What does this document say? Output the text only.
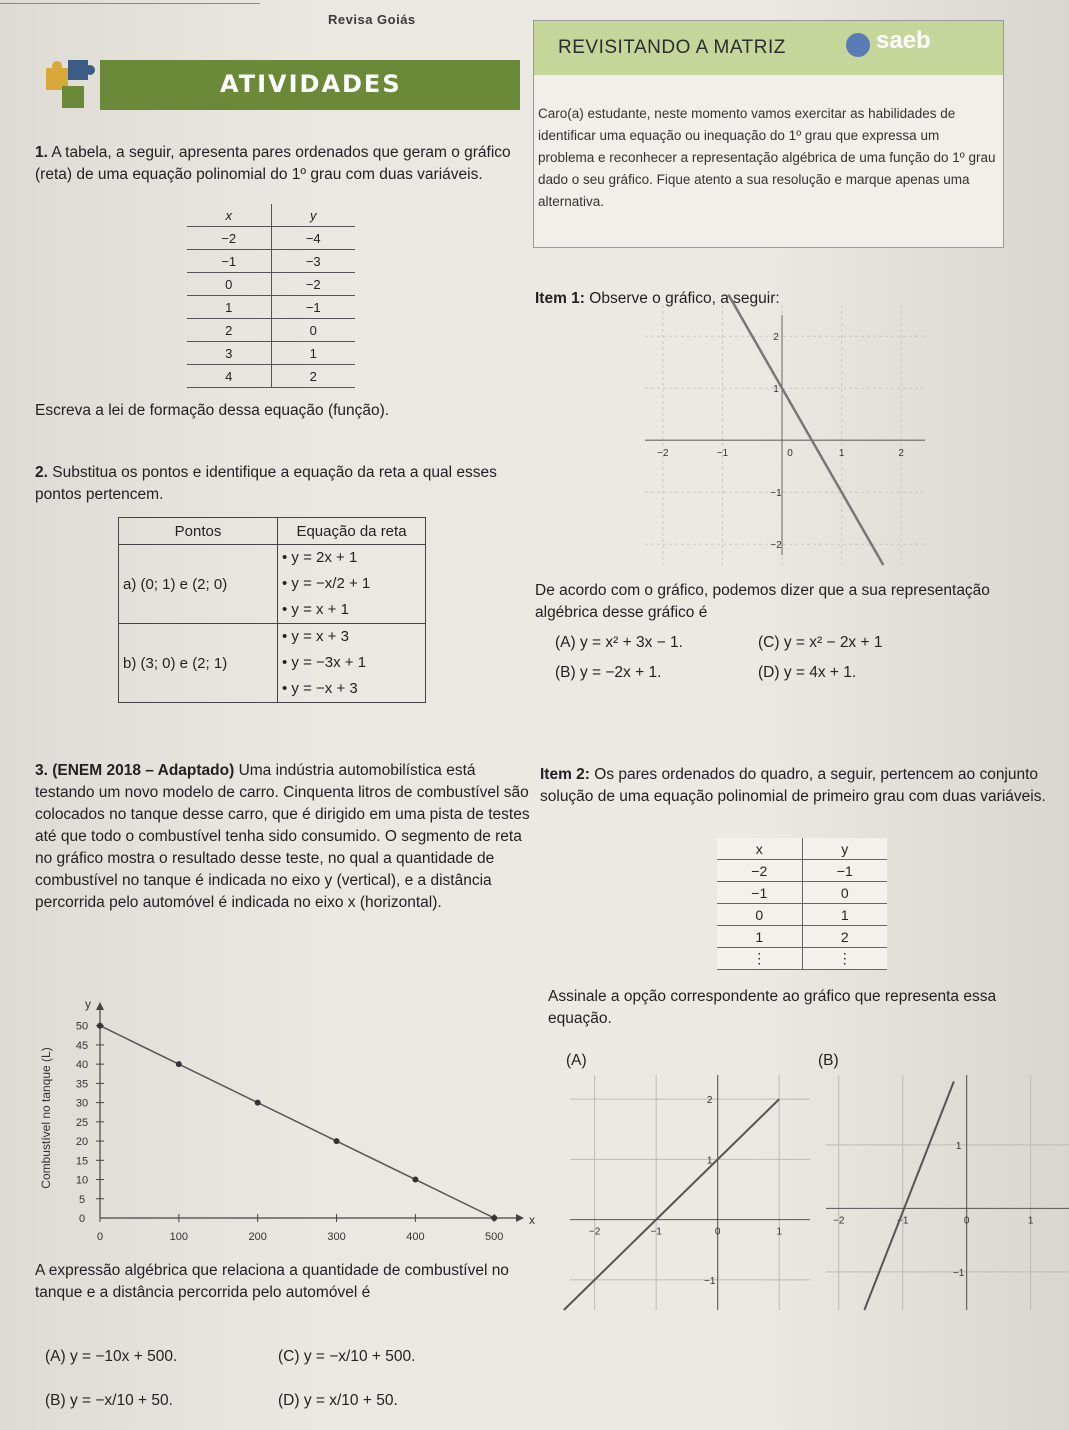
Revisa Goiás
ATIVIDADES
REVISITANDO A MATRIZ	saeb
Caro(a) estudante, neste momento vamos exercitar as habilidades de identificar uma equação ou inequação do 1º grau que expressa um problema e reconhecer a representação algébrica de uma função do 1º grau dado o seu gráfico. Fique atento a sua resolução e marque apenas uma alternativa.
1. A tabela, a seguir, apresenta pares ordenados que geram o gráfico (reta) de uma equação polinomial do 1º grau com duas variáveis.
x	y
−2	−4
−1	−3
0	−2
1	−1
2	0
3	1
4	2
Escreva a lei de formação dessa equação (função).
2. Substitua os pontos e identifique a equação da reta a qual esses pontos pertencem.
Pontos	Equação da reta
a) (0; 1) e (2; 0)	• y = 2x + 1
• y = −x/2 + 1
• y = x + 1

b) (3; 0) e (2; 1)	• y = x + 3
• y = −3x + 1
• y = −x + 3
Item 1: Observe o gráfico, a seguir:
−2	−1	0	1	2
2
1
−1
−2
De acordo com o gráfico, podemos dizer que a sua representação algébrica desse gráfico é
(A) y = x² + 3x − 1.	(C) y = x² − 2x + 1
(B) y = −2x + 1.	(D) y = 4x + 1.
3. (ENEM 2018 – Adaptado) Uma indústria automobilística está testando um novo modelo de carro. Cinquenta litros de combustível são colocados no tanque desse carro, que é dirigido em uma pista de testes até que todo o combustível tenha sido consumido. O segmento de reta no gráfico mostra o resultado desse teste, no qual a quantidade de combustível no tanque é indicada no eixo y (vertical), e a distância percorrida pelo automóvel é indicada no eixo x (horizontal).
y
x
0	100	200	300	400	500
0
5
10
15
20
25
30
35
40
45
50
Combustível no tanque (L)
A expressão algébrica que relaciona a quantidade de combustível no tanque e a distância percorrida pelo automóvel é
(A) y = −10x + 500.	(C) y = −x/10 + 500.
(B) y = −x/10 + 50.	(D) y = x/10 + 50.
Item 2: Os pares ordenados do quadro, a seguir, pertencem ao conjunto solução de uma equação polinomial de primeiro grau com duas variáveis.
x	y
−2	−1
−1	0
0	1
1	2
⋮	⋮
Assinale a opção correspondente ao gráfico que representa essa equação.
(A)	(B)
−2	−1	0	1
2
1
−1
−2	−1	0	1
1
−1
